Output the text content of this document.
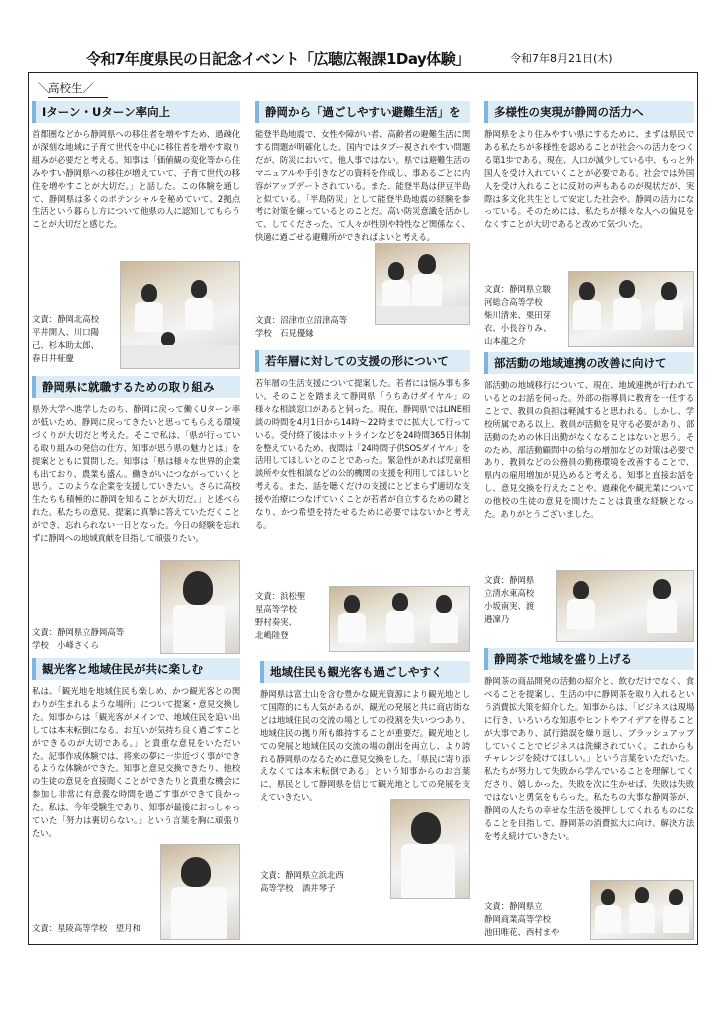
令和7年度県民の日記念イベント「広聴広報課1Day体験」	令和7年8月21日(木)
＼高校生／
Iターン・Uターン率向上

首都圏などから静岡県への移住者を増やすため、過疎化が深刻な地域に子育て世代を中心に移住者を増やす取り組みが必要だと考える。知事は「価値観の変化等から住みやすい静岡県への移住が増えていて、子育て世代の移住を増やすことが大切だ。」と話した。この体験を通して、静岡県は多くのポテンシャルを秘めていて、2拠点生活という暮らし方について他県の人に認知してもらうことが大切だと感じた。

文責：静岡北高校
平井開人、川口陽
己、杉本助太郎、
春日井柾慶
静岡県に就職するための取り組み

県外大学へ進学したのち、静岡に戻って働くUターン率が低いため、静岡に戻ってきたいと思ってもらえる環境づくりが大切だと考えた。そこで私は、「県が行っている取り組みの発信の仕方、知事が思う県の魅力とは」を提案とともに質問した。知事は「県は様々な世界的企業も出ており、農業も盛ん。働きがいにつながっていくと思う。このような企業を支援していきたい。さらに高校生たちも積極的に静岡を知ることが大切だ。」と述べられた。私たちの意見、提案に真摯に答えていただくことができ、忘れられない一日となった。今日の経験を忘れずに静岡への地域貢献を目指して頑張りたい。

文責：静岡県立静岡高等
学校　小峰さくら
観光客と地域住民が共に楽しむ

私は、「観光地を地域住民も楽しめ、かつ観光客との関わりが生まれるような場所」について提案・意見交換した。知事からは「観光客がメインで、地域住民を追い出しては本末転倒になる。お互いが気持ち良く過ごすことができるのが大切である。」と貴重な意見をいただいた。記事作成体験では、将来の夢に一歩近づく事ができるような体験ができた。知事と意見交換できたり、他校の生徒の意見を直接聞くことができたりと貴重な機会に参加し非常に有意義な時間を過ごす事ができて良かった。私は、今年受験生であり、知事が最後におっしゃっていた「努力は裏切らない。」という言葉を胸に頑張りたい。

文責：星陵高等学校　望月和
静岡から「過ごしやすい避難生活」を

能登半島地震で、女性や障がい者、高齢者の避難生活に関する問題が明確化した。国内ではタブー視されやすい問題だが、防災において、他人事ではない。県では避難生活のマニュアルや手引きなどの資料を作成し、事あるごとに内容がアップデートされている。また、能登半島は伊豆半島と似ている。「半島防災」として能登半島地震の経験を参考に対策を練っているとのことだ。高い防災意識を活かして、してくださった、て人々が性別や特性など関係なく、快適に過ごせる避難所ができればよいと考える。

文責：沼津市立沼津高等
学校　石見優縁
若年層に対しての支援の形について

若年層の生活支援について提案した。若者には悩み事も多い。そのことを踏まえて静岡県「うちあけダイヤル」の様々な相談窓口があると伺った。現在、静岡県ではLINE相談の時間を4月1日から14時～22時までに拡大して行っている。受付終了後はホットラインなどを24時間365日体制を整えているため、夜間は「24時間子供SOSダイヤル」を活用してほしいとのことであった。緊急性があれば児童相談所や女性相談などの公的機関の支援を利用してほしいと考える。また、話を聴くだけの支援にとどまらず適切な支援や治療につなげていくことが若者が自立するための鍵となり、かつ希望を持たせるために必要ではないかと考える。

文責：浜松聖
星高等学校
野村奏実、
北嶋陸登
地域住民も観光客も過ごしやすく

静岡県は富士山を含む豊かな観光資源により観光地として国際的にも人気があるが、観光の発展と共に商店街などは地域住民の交流の場としての役割を失いつつあり、地域住民の拠り所も維持することが重要だ。観光地としての発展と地域住民の交流の場の創出を両立し、より誇れる静岡県のなるために意見交換をした。「県民に寄り添えなくては本末転倒である」という知事からのお言葉に、県民として静岡県を信じて観光地としての発展を支えていきたい。

文責：静岡県立浜北西
高等学校　酒井琴子
多様性の実現が静岡の活力へ

静岡県をより住みやすい県にするために、まずは県民である私たちが多様性を認めることが社会への活力をつくる第1歩である。現在、人口が減少している中、もっと外国人を受け入れていくことが必要である。社会では外国人を受け入れることに反対の声もあるのが現状だが、実際は多文化共生として安定した社会や、静岡の活力になっている。そのためには、私たちが様々な人への偏見をなくすことが大切であると改めて気づいた。

文責：静岡県立駿
河総合高等学校
柴川清来、栗田芽
衣、小長谷りみ、
山本龍之介
部活動の地域連携の改善に向けて

部活動の地域移行について、現在、地域連携が行われているとのお話を伺った。外部の指導員に教育を一任することで、教員の負担は軽減すると思われる。しかし、学校所属である以上、教員が活動を見守る必要があり、部活動のための休日出勤がなくなることはないと思う。そのため、部活動顧問中の給与の増加などの対策は必要であり、教員などの公務員の勤務環境を改善することで、県内の雇用増加が見込めると考える。知事と直接お話をし、意見交換を行えたことや、過疎化や観光業についての他校の生徒の意見を聞けたことは貴重な経験となった。ありがとうございました。

文責：静岡県
立清水東高校
小坂南実、渡
邉凜乃
静岡茶で地域を盛り上げる

静岡茶の商品開発の活動の紹介と、飲むだけでなく、食べることを提案し、生活の中に静岡茶を取り入れるという消費拡大策を紹介した。知事からは、「ビジネスは現場に行き、いろいろな知恵やヒントやアイデアを得ることが大事であり、試行錯誤を繰り返し、ブラッシュアップしていくことでビジネスは洗練されていく。これからもチャレンジを続けてほしい。」という言葉をいただいた。私たちが努力して失敗から学んでいることを理解してくださり、嬉しかった。失敗を次に生かせば、失敗は失敗ではないと勇気をもらった。私たちの大事な静岡茶が、静岡の人たちの幸せな生活を後押ししてくれるものになることを目指して、静岡茶の消費拡大に向け、解決方法を考え続けていきたい。

文責：静岡県立
静岡商業高等学校
池田唯花、西村まや
